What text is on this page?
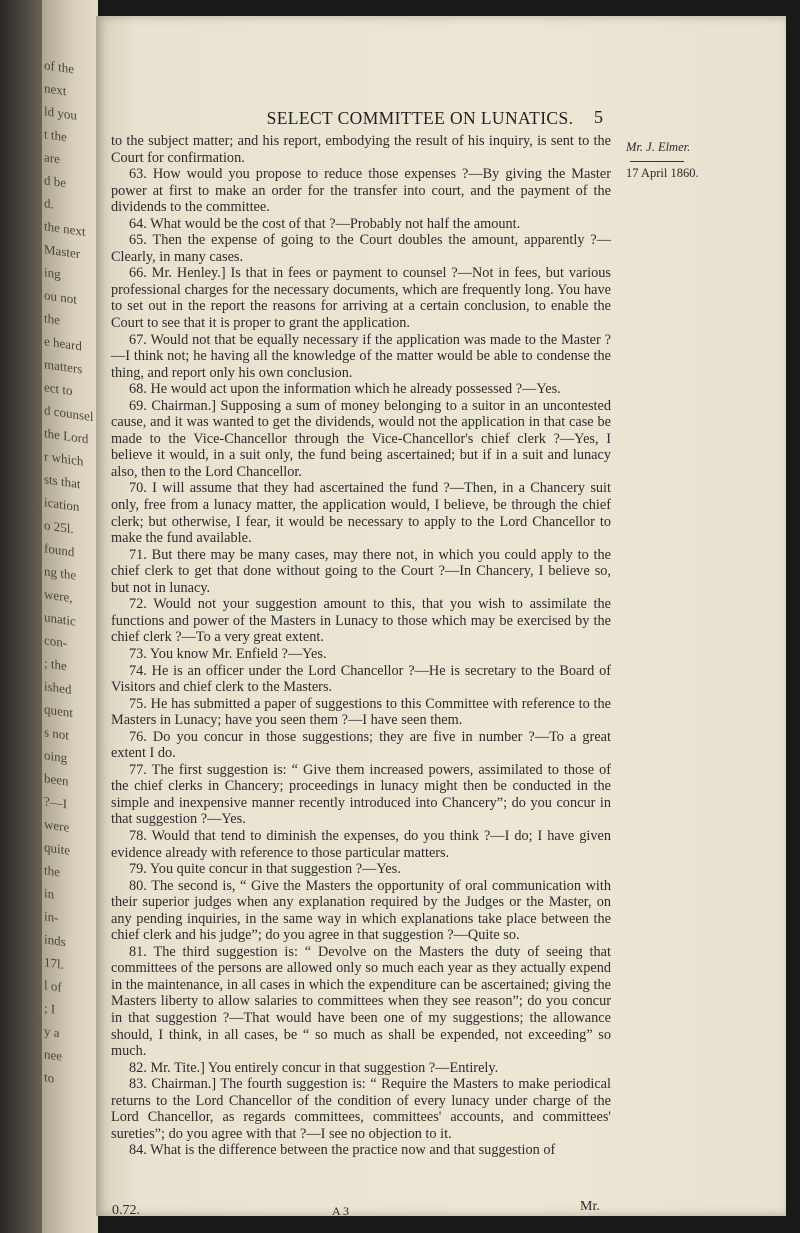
of the
next
ld you
t the
are
d be
d.
the next
Master
ing
ou not
the
e heard
matters
ect to
d counsel
the Lord
r which
sts that
ication
o 25l.
found
ng the
were,
unatic
con-
; the
ished
quent
s not
oing
been
?—I
were
quite
the
in
in-
inds
17l.
l of
; I
y a
nee
to
SELECT COMMITTEE ON LUNATICS.	5

to the subject matter; and his report, embodying the result of his inquiry, is sent to the Court for confirmation.

63. How would you propose to reduce those expenses ?—By giving the Master power at first to make an order for the transfer into court, and the payment of the dividends to the committee.

64. What would be the cost of that ?—Probably not half the amount.

65. Then the expense of going to the Court doubles the amount, apparently ?—Clearly, in many cases.

66. Mr. Henley.] Is that in fees or payment to counsel ?—Not in fees, but various professional charges for the necessary documents, which are frequently long. You have to set out in the report the reasons for arriving at a certain conclusion, to enable the Court to see that it is proper to grant the application.

67. Would not that be equally necessary if the application was made to the Master ?—I think not; he having all the knowledge of the matter would be able to condense the thing, and report only his own conclusion.

68. He would act upon the information which he already possessed ?—Yes.

69. Chairman.] Supposing a sum of money belonging to a suitor in an uncontested cause, and it was wanted to get the dividends, would not the application in that case be made to the Vice-Chancellor through the Vice-Chancellor's chief clerk ?—Yes, I believe it would, in a suit only, the fund being ascertained; but if in a suit and lunacy also, then to the Lord Chancellor.

70. I will assume that they had ascertained the fund ?—Then, in a Chancery suit only, free from a lunacy matter, the application would, I believe, be through the chief clerk; but otherwise, I fear, it would be necessary to apply to the Lord Chancellor to make the fund available.

71. But there may be many cases, may there not, in which you could apply to the chief clerk to get that done without going to the Court ?—In Chancery, I believe so, but not in lunacy.

72. Would not your suggestion amount to this, that you wish to assimilate the functions and power of the Masters in Lunacy to those which may be exercised by the chief clerk ?—To a very great extent.

73. You know Mr. Enfield ?—Yes.

74. He is an officer under the Lord Chancellor ?—He is secretary to the Board of Visitors and chief clerk to the Masters.

75. He has submitted a paper of suggestions to this Committee with reference to the Masters in Lunacy; have you seen them ?—I have seen them.

76. Do you concur in those suggestions; they are five in number ?—To a great extent I do.

77. The first suggestion is: “ Give them increased powers, assimilated to those of the chief clerks in Chancery; proceedings in lunacy might then be conducted in the simple and inexpensive manner recently introduced into Chancery”; do you concur in that suggestion ?—Yes.

78. Would that tend to diminish the expenses, do you think ?—I do; I have given evidence already with reference to those particular matters.

79. You quite concur in that suggestion ?—Yes.

80. The second is, “ Give the Masters the opportunity of oral communication with their superior judges when any explanation required by the Judges or the Master, on any pending inquiries, in the same way in which explanations take place between the chief clerk and his judge”; do you agree in that suggestion ?—Quite so.

81. The third suggestion is: “ Devolve on the Masters the duty of seeing that committees of the persons are allowed only so much each year as they actually expend in the maintenance, in all cases in which the expenditure can be ascertained; giving the Masters liberty to allow salaries to committees when they see reason”; do you concur in that suggestion ?—That would have been one of my suggestions; the allowance should, I think, in all cases, be “ so much as shall be expended, not exceeding” so much.

82. Mr. Tite.] You entirely concur in that suggestion ?—Entirely.

83. Chairman.] The fourth suggestion is: “ Require the Masters to make periodical returns to the Lord Chancellor of the condition of every lunacy under charge of the Lord Chancellor, as regards committees, committees' accounts, and committees' sureties”; do you agree with that ?—I see no objection to it.

84. What is the difference between the practice now and that suggestion of

Mr. J. Elmer.
17 April 1860.
0.72.	A 3	Mr.
